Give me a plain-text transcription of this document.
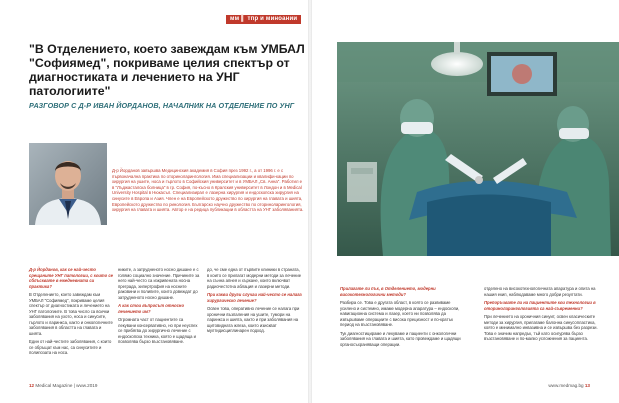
мм ▌ тпр и миноании
"В Отделението, което завеждам към УМБАЛ "Софиямед", покриваме целия спектър от диагностиката и лечението на УНГ патологиите"
РАЗГОВОР С Д-Р ИВАН ЙОРДАНОВ, НАЧАЛНИК НА ОТДЕЛЕНИЕ ПО УНГ
Д-р Йорданов завършва Медицинския академия в София през 1992 г., а от 1996 г. е с първоначална практика по оториноларингология. Има специализации и квалифи-кации по хирургия на ушите, носа и гърлото в Софийския университет и в УМБАЛ „Св. Анна". Работил е в "Лъджасталска болница" в гр. София, по-късно в Кралския университет в Лондон и в Medical University Hospital в Нюкасъл. Специализирал е лазерна хирургия и ендоскопска хирургия на синусите в Европа и Азия. Член е на Европейското дружество по хирургия на главата и шията, Европейското дружество по ринология. Българско научно дружество по оториноларингология, хирургия на главата и шията. Автор е на редица публикации в областта на УНГ заболяванията.

Д-р Йорданов, как се най-често срещаните УНГ патологии, с които се сблъсквате в ежедневната си практика?

В Отделението, което завеждам към УМБАЛ "Софиямед", покриваме целия спектър от диагностиката и лечението на УНГ патологиите. В това число са всички заболявания на ухото, носа и синусите, гърлото и ларинкса, както и онкологичните заболявания в областта на главата и шията.

Един от най-честите заболявания, с които се обръщат към нас, са синуситите и полипозата на носа.

никите, а затрудненото носно дишане е с голямо социално значение. Причините за него най-често са изкривената носна преграда, хипертрофия на носните раковини и полипите, които довеждат до затрудненото носно дишане.

А как стои въпросът относно лечението им?

Огромната част от пациентите са лекувани консервативно, но при неуспех се прибягва до хирургично лечение с ендоскопска техника, която е щадяща и позволява бързо възстановяване.

до, че сме една от първите клиники в страната, в които се прилагат модерни методи за лечение на сънна апнея и хъркане, които включват радиочестотна аблация и лазерни методи.

При какви други случаи най-често се налага хирургическо лечение?

Освен това, оперативно лечение се налага при хронични възпаления на ушите, тумори на ларинкса и шията, както и при заболявания на щитовидната жлеза, които изискват мултидисциплинарен подход.

Прилагате ли пък, в Отделението, модерни високотехнологични методи?

Разбира се. Това е другата област, в която се развиваме усилено и системно, имаме модерна апаратура – ендоскопи, навигационна система и лазер, което ни позволява да извършваме операциите с висока прецизност и по-кратък период на възстановяване.

Тук диагностицираме и лекуваме и пациенти с онкологични заболявания на главата и шията, като провеждаме и щадящи органосъхраняващи операции.

отделено на високотехнологичната апаратура и опита на нашия екип, наблюдаваме много добри резултати.

Препоръчвате ли на пациентите кои технологии в оториноларингологията са най-съвременни?

При лечението на хроничния синуит, освен класическите методи за хирургия, прилагаме балонна синусопластика, която е минимално инвазивна и се извършва без разрези. Това е значим напредък, тъй като осигурява бързо възстановяване и по-малко усложнения за пациента.

12 Medical Magazine | www.2019	www.medmag.bg 13
